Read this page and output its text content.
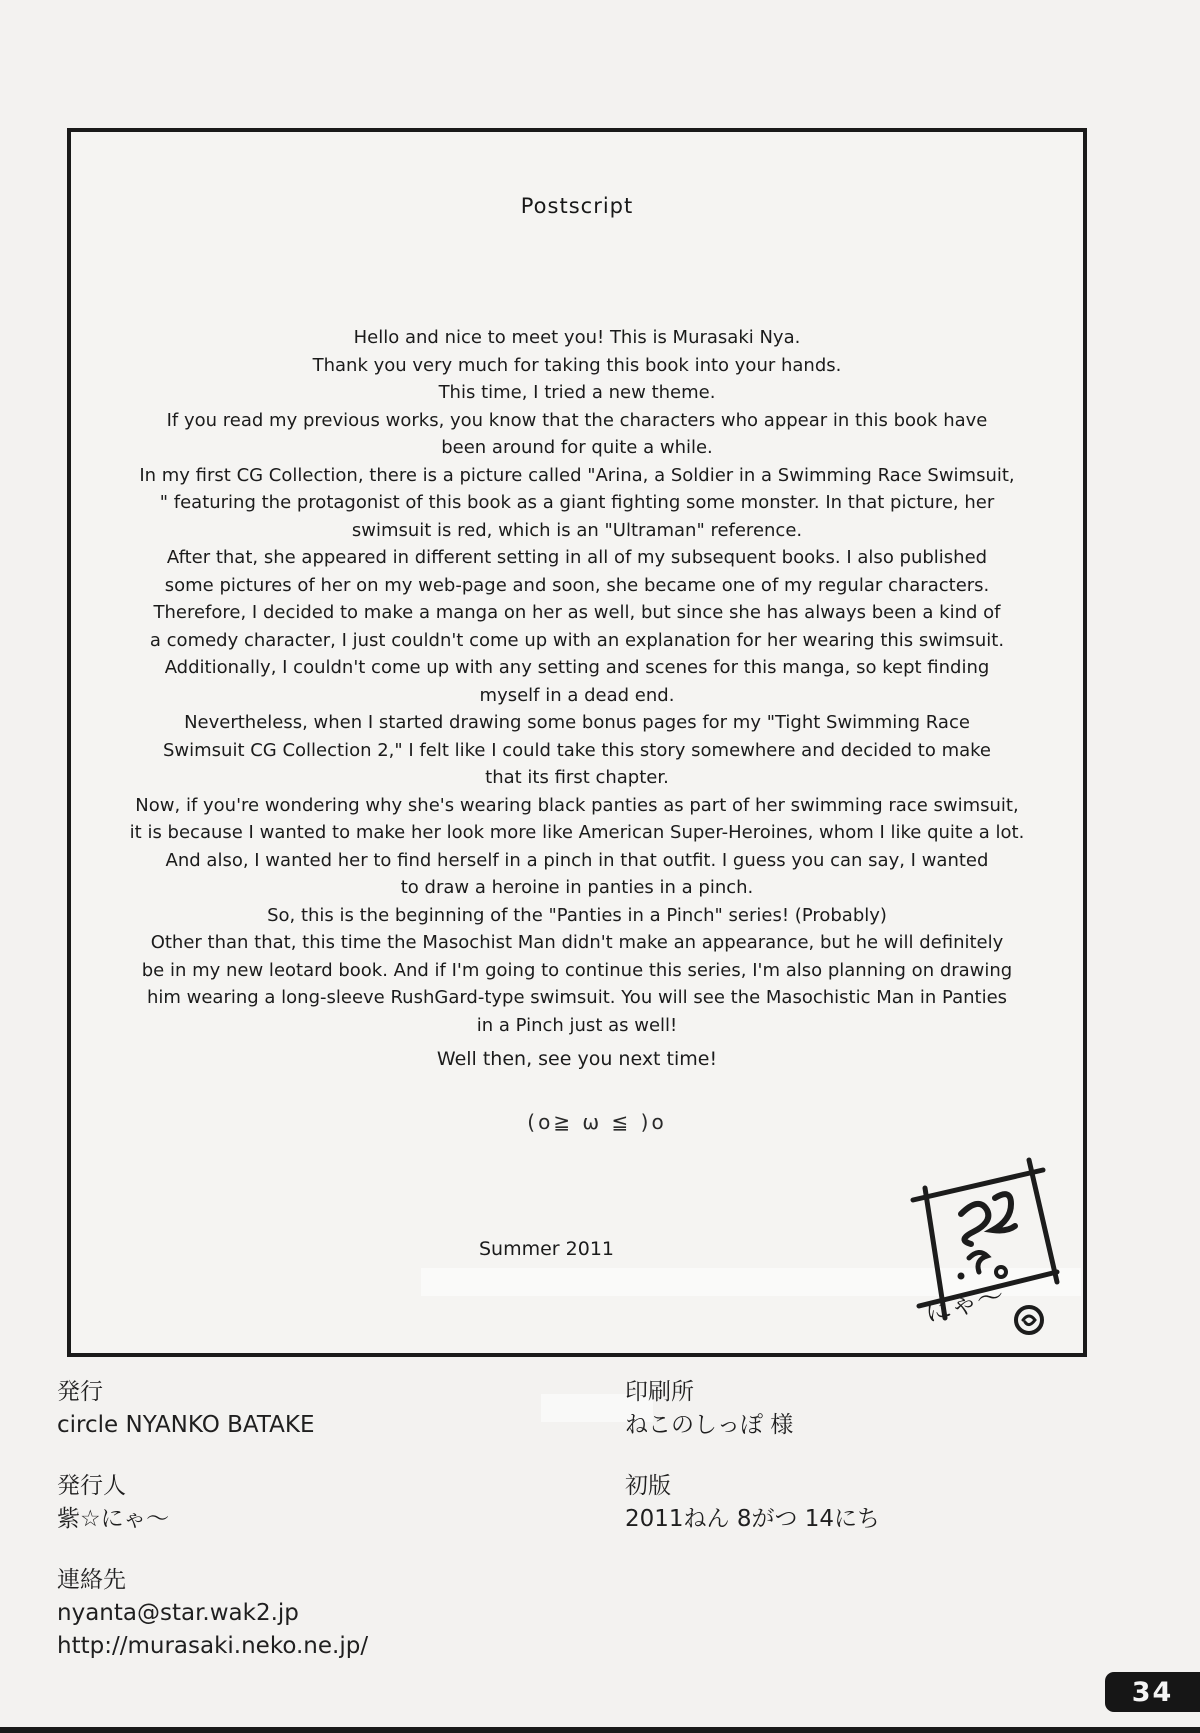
Postscript
Hello and nice to meet you! This is Murasaki Nya.
Thank you very much for taking this book into your hands.
This time, I tried a new theme.
If you read my previous works, you know that the characters who appear in this book have
been around for quite a while.
In my first CG Collection, there is a picture called "Arina, a Soldier in a Swimming Race Swimsuit,
" featuring the protagonist of this book as a giant fighting some monster. In that picture, her
swimsuit is red, which is an "Ultraman" reference.
After that, she appeared in different setting in all of my subsequent books. I also published
some pictures of her on my web-page and soon, she became one of my regular characters.
Therefore, I decided to make a manga on her as well, but since she has always been a kind of
a comedy character, I just couldn't come up with an explanation for her wearing this swimsuit.
Additionally, I couldn't come up with any setting and scenes for this manga, so kept finding
myself in a dead end.
Nevertheless, when I started drawing some bonus pages for my "Tight Swimming Race
Swimsuit CG Collection 2," I felt like I could take this story somewhere and decided to make
that its first chapter.
Now, if you're wondering why she's wearing black panties as part of her swimming race swimsuit,
it is because I wanted to make her look more like American Super-Heroines, whom I like quite a lot.
And also, I wanted her to find herself in a pinch in that outfit. I guess you can say, I wanted
to draw a heroine in panties in a pinch.
So, this is the beginning of the "Panties in a Pinch" series! (Probably)
Other than that, this time the Masochist Man didn't make an appearance, but he will definitely
be in my new leotard book. And if I'm going to continue this series, I'm also planning on drawing
him wearing a long-sleeve RushGard-type swimsuit. You will see the Masochistic Man in Panties
in a Pinch just as well!
Well then, see you next time!
(o≧ ω ≦ )o
Summer 2011
にゃ〜
発行
circle NYANKO BATAKE
発行人
紫☆にゃ〜
連絡先
nyanta@star.wak2.jp
http://murasaki.neko.ne.jp/
印刷所
ねこのしっぽ 様
初版
2011ねん 8がつ 14にち
34
